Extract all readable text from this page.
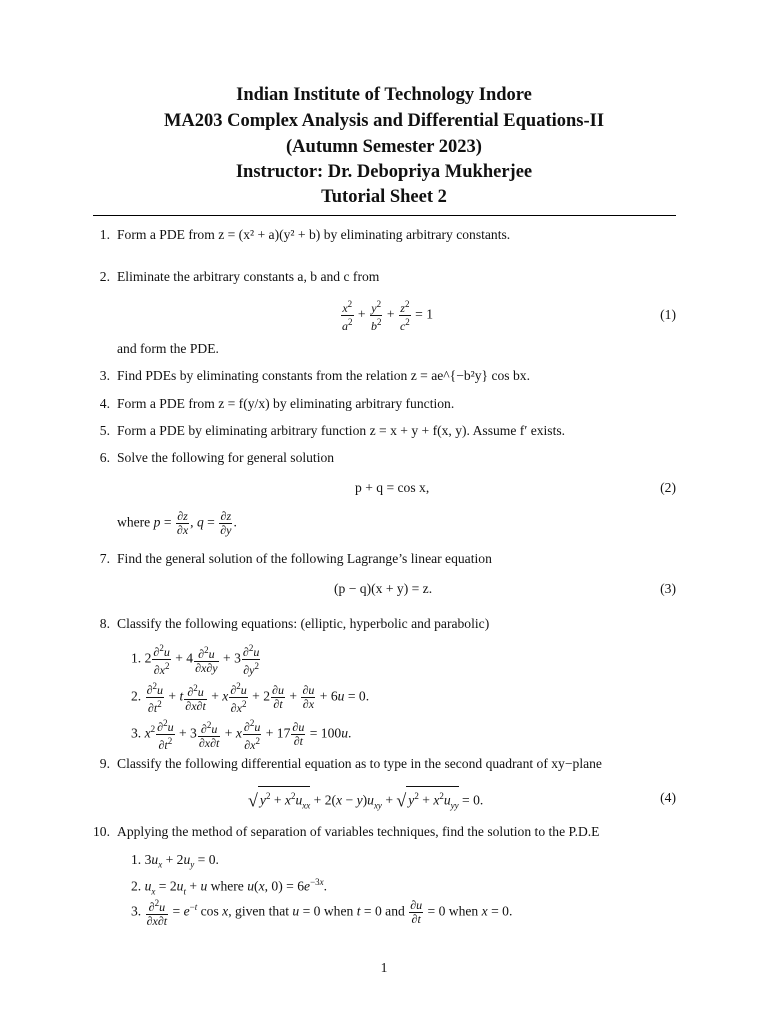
Indian Institute of Technology Indore
MA203 Complex Analysis and Differential Equations-II
(Autumn Semester 2023)
Instructor: Dr. Debopriya Mukherjee
Tutorial Sheet 2
1. Form a PDE from z = (x² + a)(y² + b) by eliminating arbitrary constants.
2. Eliminate the arbitrary constants a, b and c from
$\frac{x^2}{a^2} + \frac{y^2}{b^2} + \frac{z^2}{c^2} = 1$	(1)
and form the PDE.
3. Find PDEs by eliminating constants from the relation z = ae^{−b²y} cos bx.
4. Form a PDE from z = f(y/x) by eliminating arbitrary function.
5. Form a PDE by eliminating arbitrary function z = x + y + f(x, y). Assume f′ exists.
6. Solve the following for general solution
p + q = cos x,	(2)
where $p = \frac{\partial z}{\partial x}$ , $q = \frac{\partial z}{\partial y}$ .
7. Find the general solution of the following Lagrange’s linear equation
(p − q)(x + y) = z.	(3)
8. Classify the following equations: (elliptic, hyperbolic and parabolic)
1. $2 \frac{\partial^2u}{\partial x^2} + 4 \frac{\partial^2u}{\partial x\partial y} + 3 \frac{\partial^2u}{\partial y^2}$
2. $\frac{\partial^2u}{\partial t^2} + t \frac{\partial^2u}{\partial x\partial t} + x \frac{\partial^2u}{\partial x^2} + 2 \frac{\partial u}{\partial t} + \frac{\partial u}{\partial x} + 6u = 0$.
3. $x^2 \frac{\partial^2u}{\partial t^2} + 3 \frac{\partial^2u}{\partial x\partial t} + x \frac{\partial^2u}{\partial x^2} + 17 \frac{\partial u}{\partial t} = 100u$.
9. Classify the following differential equation as to type in the second quadrant of xy−plane
√ $y^2 + x^2u_{xx} + 2(x - y)u_{xy}$ + √ $y^2 + x^2u_{yy} = 0$.	(4)
10. Applying the method of separation of variables techniques, find the solution to the P.D.E
1. $3u_x + 2u_y = 0$.
2. $u_x = 2u_t + u$ where u(x, $0) = 6e^{-3x}$.
3. $\frac{\partial^2u}{\partial x\partial t} = e^{-t}$ cos x, given that u = 0 when t = 0 and $\frac{\partial u}{\partial t} = 0$ when x = 0.
1
